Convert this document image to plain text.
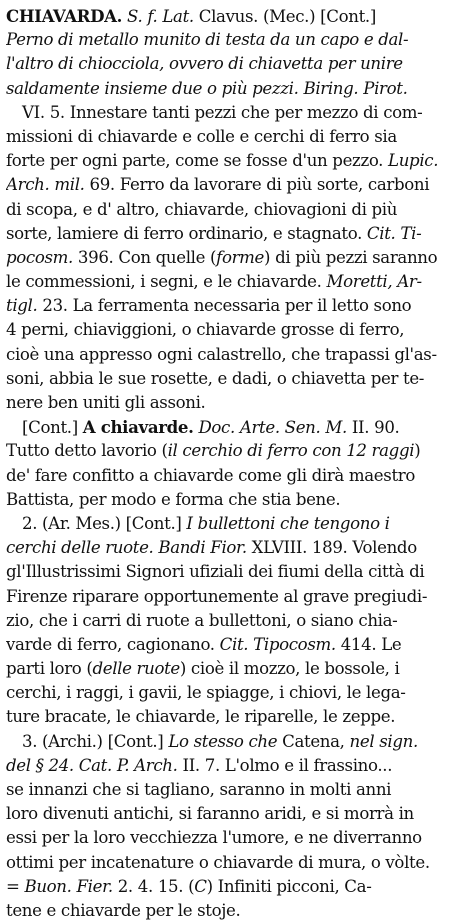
CHIAVARDA. S. f. Lat. Clavus. (Mec.) [Cont.]
Perno di metallo munito di testa da un capo e dal-
l'altro di chiocciola, ovvero di chiavetta per unire
saldamente insieme due o più pezzi. Biring. Pirot.
VI. 5. Innestare tanti pezzi che per mezzo di com-
missioni di chiavarde e colle e cerchi di ferro sia
forte per ogni parte, come se fosse d'un pezzo. Lupic.
Arch. mil. 69. Ferro da lavorare di più sorte, carboni
di scopa, e d' altro, chiavarde, chiovagioni di più
sorte, lamiere di ferro ordinario, e stagnato. Cit. Ti-
pocosm. 396. Con quelle (forme) di più pezzi saranno
le commessioni, i segni, e le chiavarde. Moretti, Ar-
tigl. 23. La ferramenta necessaria per il letto sono
4 perni, chiaviggioni, o chiavarde grosse di ferro,
cioè una appresso ogni calastrello, che trapassi gl'as-
soni, abbia le sue rosette, e dadi, o chiavetta per te-
nere ben uniti gli assoni.
[Cont.] A chiavarde. Doc. Arte. Sen. M. II. 90.
Tutto detto lavorio (il cerchio di ferro con 12 raggi)
de' fare confitto a chiavarde come gli dirà maestro
Battista, per modo e forma che stia bene.
2. (Ar. Mes.) [Cont.] I bullettoni che tengono i
cerchi delle ruote. Bandi Fior. XLVIII. 189. Volendo
gl'Illustrissimi Signori ufiziali dei fiumi della città di
Firenze riparare opportunemente al grave pregiudi-
zio, che i carri di ruote a bullettoni, o siano chia-
varde di ferro, cagionano. Cit. Tipocosm. 414. Le
parti loro (delle ruote) cioè il mozzo, le bossole, i
cerchi, i raggi, i gavii, le spiagge, i chiovi, le lega-
ture bracate, le chiavarde, le riparelle, le zeppe.
3. (Archi.) [Cont.] Lo stesso che Catena, nel sign.
del § 24. Cat. P. Arch. II. 7. L'olmo e il frassino...
se innanzi che si tagliano, saranno in molti anni
loro divenuti antichi, si faranno aridi, e si morrà in
essi per la loro vecchiezza l'umore, e ne diverranno
ottimi per incatenature o chiavarde di mura, o vòlte.
= Buon. Fier. 2. 4. 15. (C) Infiniti picconi, Ca-
tene e chiavarde per le stoje.
